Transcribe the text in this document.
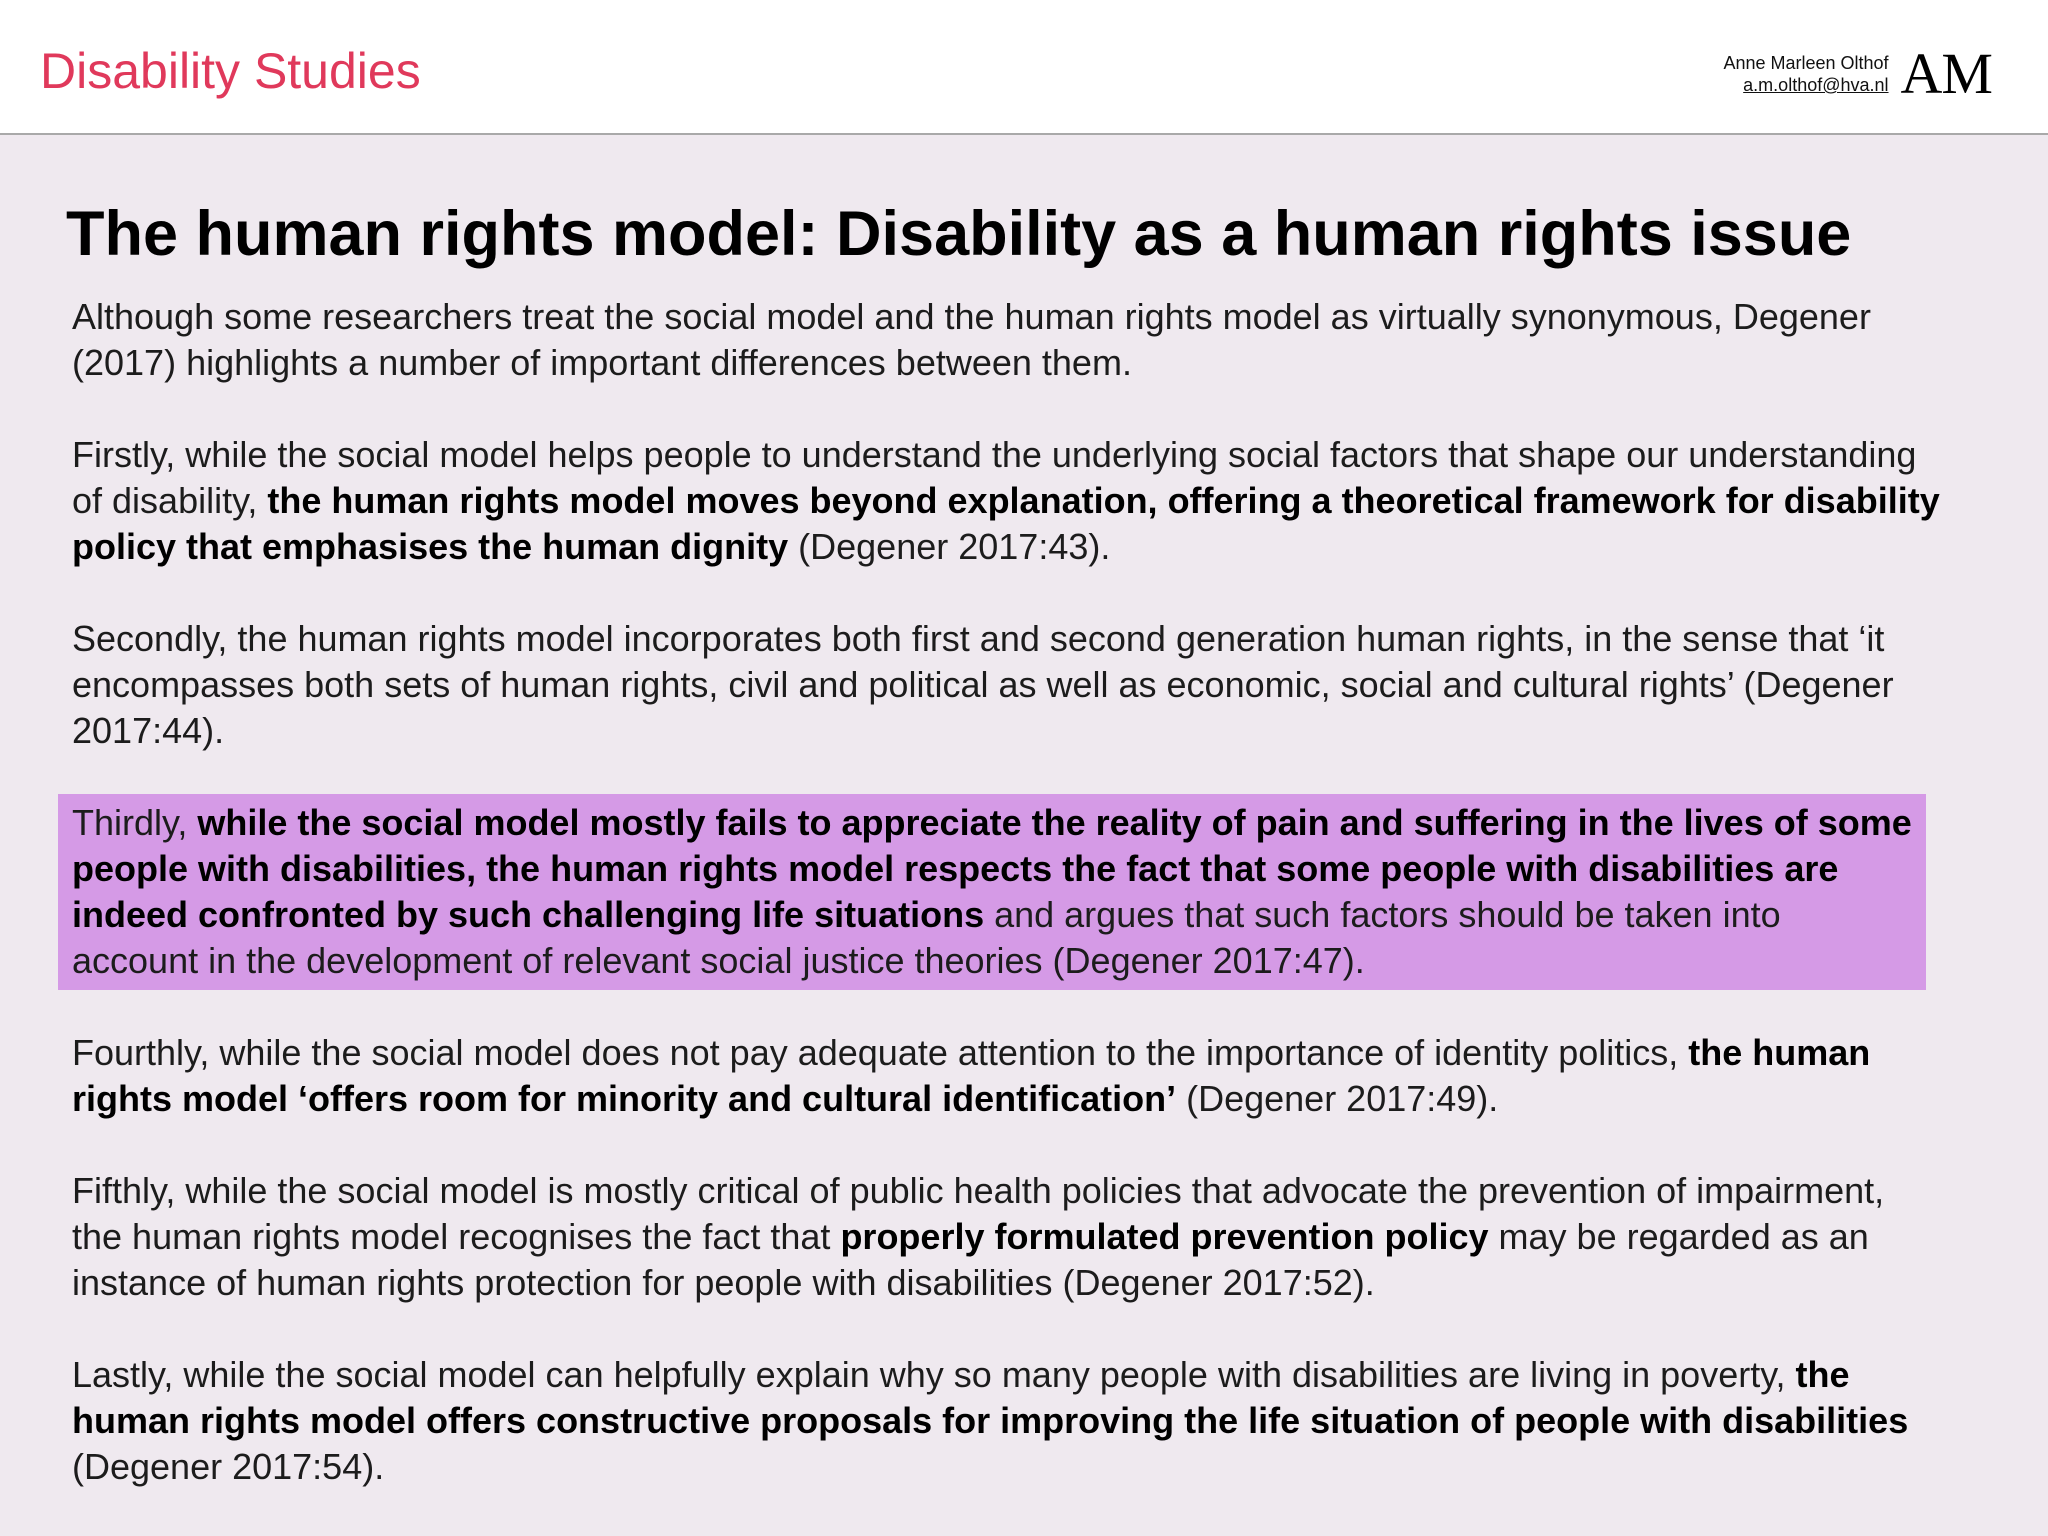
Disability Studies	Anne Marleen Olthof
a.m.olthof@hva.nl AM
The human rights model: Disability as a human rights issue

Although some researchers treat the social model and the human rights model as virtually synonymous, Degener (2017) highlights a number of important differences between them.

Firstly, while the social model helps people to understand the underlying social factors that shape our understanding of disability, the human rights model moves beyond explanation, offering a theoretical framework for disability policy that emphasises the human dignity (Degener 2017:43).

Secondly, the human rights model incorporates both first and second generation human rights, in the sense that ‘it encompasses both sets of human rights, civil and political as well as economic, social and cultural rights’ (Degener 2017:44).

Thirdly, while the social model mostly fails to appreciate the reality of pain and suffering in the lives of some people with disabilities, the human rights model respects the fact that some people with disabilities are indeed confronted by such challenging life situations and argues that such factors should be taken into account in the development of relevant social justice theories (Degener 2017:47).

Fourthly, while the social model does not pay adequate attention to the importance of identity politics, the human rights model ‘offers room for minority and cultural identification’ (Degener 2017:49).

Fifthly, while the social model is mostly critical of public health policies that advocate the prevention of impairment, the human rights model recognises the fact that properly formulated prevention policy may be regarded as an instance of human rights protection for people with disabilities (Degener 2017:52).

Lastly, while the social model can helpfully explain why so many people with disabilities are living in poverty, the human rights model offers constructive proposals for improving the life situation of people with disabilities (Degener 2017:54).
